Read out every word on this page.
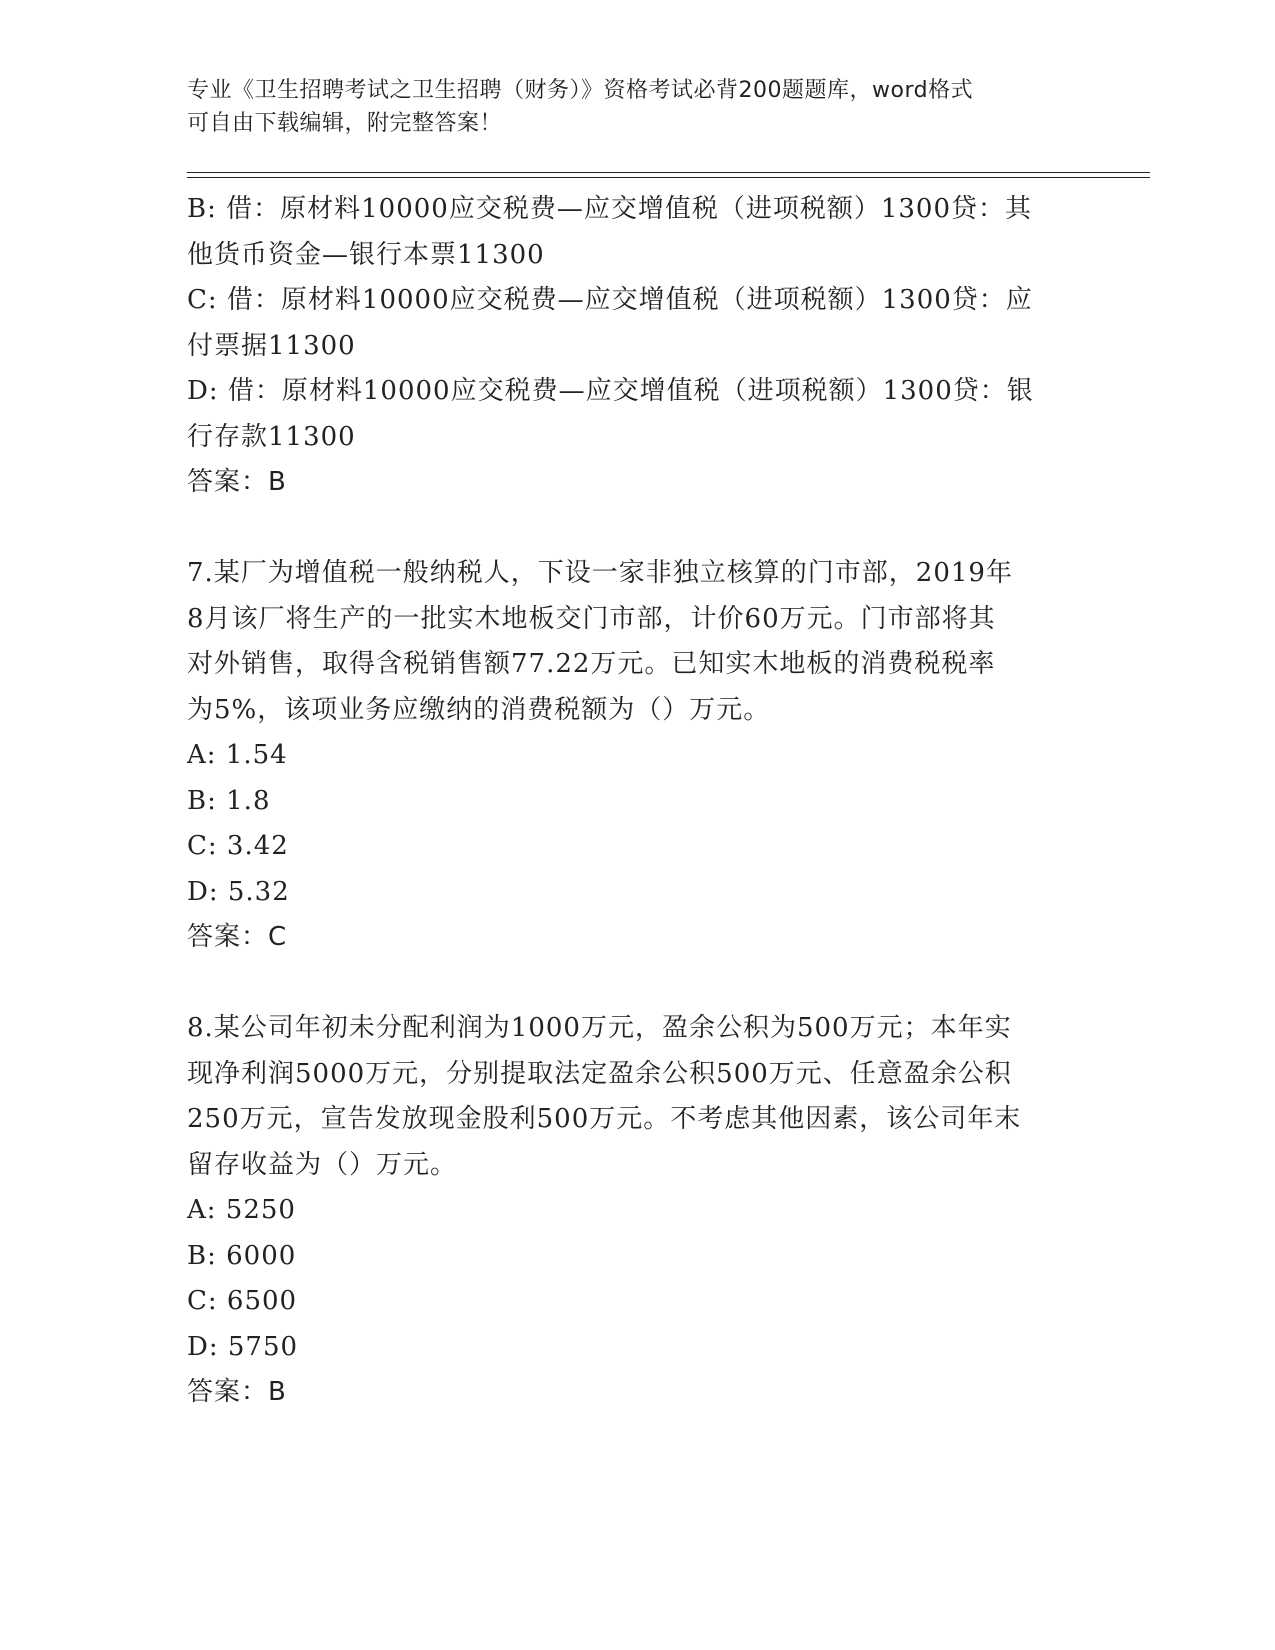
专业《卫生招聘考试之卫生招聘（财务）》资格考试必背200题题库，word格式
可自由下载编辑，附完整答案！
B: 借：原材料10000应交税费—应交增值税（进项税额）1300贷：其
他货币资金—银行本票11300
C: 借：原材料10000应交税费—应交增值税（进项税额）1300贷：应
付票据11300
D: 借：原材料10000应交税费—应交增值税（进项税额）1300贷：银
行存款11300
答案：B
7.某厂为增值税一般纳税人，下设一家非独立核算的门市部，2019年
8月该厂将生产的一批实木地板交门市部，计价60万元。门市部将其
对外销售，取得含税销售额77.22万元。已知实木地板的消费税税率
为5%，该项业务应缴纳的消费税额为（）万元。
A: 1.54
B: 1.8
C: 3.42
D: 5.32
答案：C
8.某公司年初未分配利润为1000万元，盈余公积为500万元；本年实
现净利润5000万元，分别提取法定盈余公积500万元、任意盈余公积
250万元，宣告发放现金股利500万元。不考虑其他因素，该公司年末
留存收益为（）万元。
A: 5250
B: 6000
C: 6500
D: 5750
答案：B
